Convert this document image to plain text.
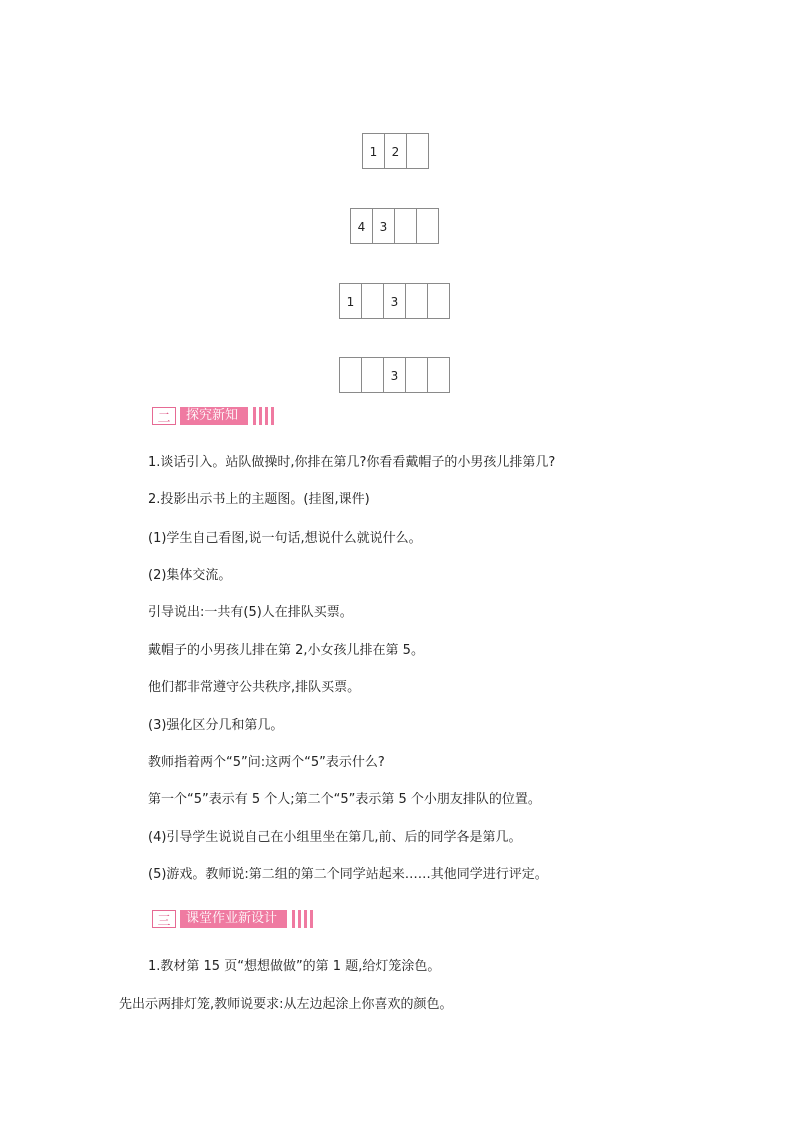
1	2
4	3
1	3
3
二	探究新知
1.谈话引入。站队做操时,你排在第几?你看看戴帽子的小男孩儿排第几?
2.投影出示书上的主题图。(挂图,课件)
(1)学生自己看图,说一句话,想说什么就说什么。
(2)集体交流。
引导说出:一共有(5)人在排队买票。
戴帽子的小男孩儿排在第 2,小女孩儿排在第 5。
他们都非常遵守公共秩序,排队买票。
(3)强化区分几和第几。
教师指着两个“5”问:这两个“5”表示什么?
第一个“5”表示有 5 个人;第二个“5”表示第 5 个小朋友排队的位置。
(4)引导学生说说自己在小组里坐在第几,前、后的同学各是第几。
(5)游戏。教师说:第二组的第二个同学站起来……其他同学进行评定。
三	课堂作业新设计
1.教材第 15 页“想想做做”的第 1 题,给灯笼涂色。
先出示两排灯笼,教师说要求:从左边起涂上你喜欢的颜色。
